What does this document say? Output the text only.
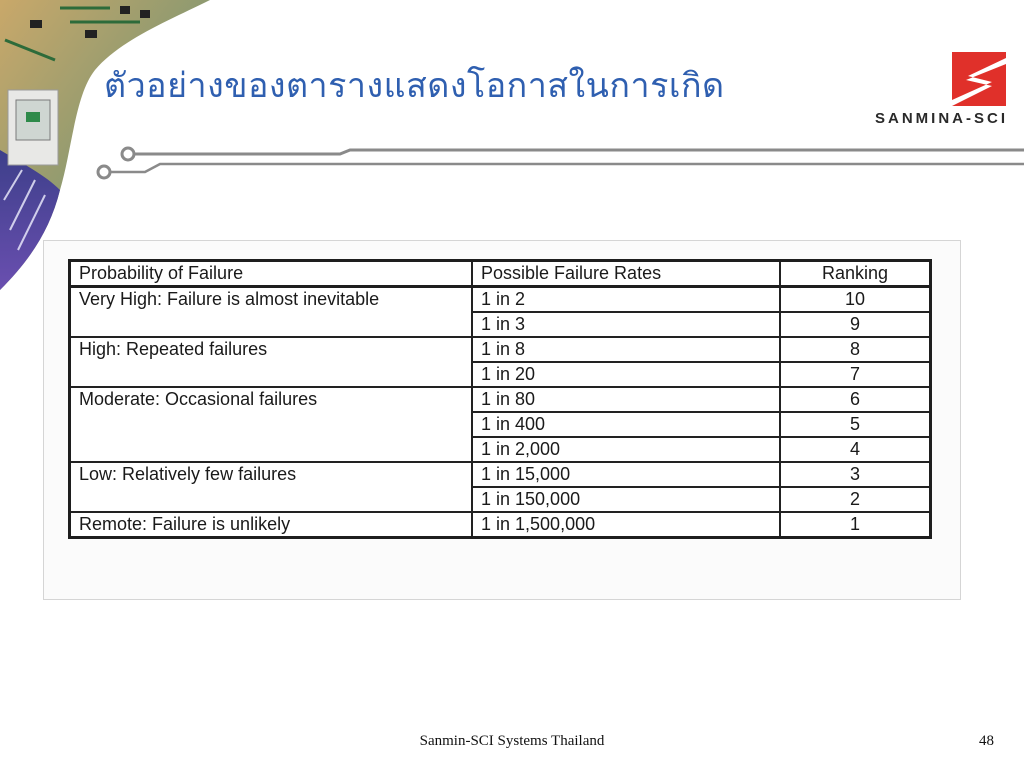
ตัวอย่างของตารางแสดงโอกาสในการเกิด
SANMINA-SCI
Probability of Failure	Possible Failure Rates	Ranking
Very High: Failure is almost inevitable	1 in 2	10
	1 in 3	9
High: Repeated failures	1 in 8	8
	1 in 20	7
Moderate: Occasional failures	1 in 80	6
	1 in 400	5
	1 in 2,000	4
Low: Relatively few failures	1 in 15,000	3
	1 in 150,000	2
Remote: Failure is unlikely	1 in 1,500,000	1
Sanmin-SCI Systems Thailand	48
